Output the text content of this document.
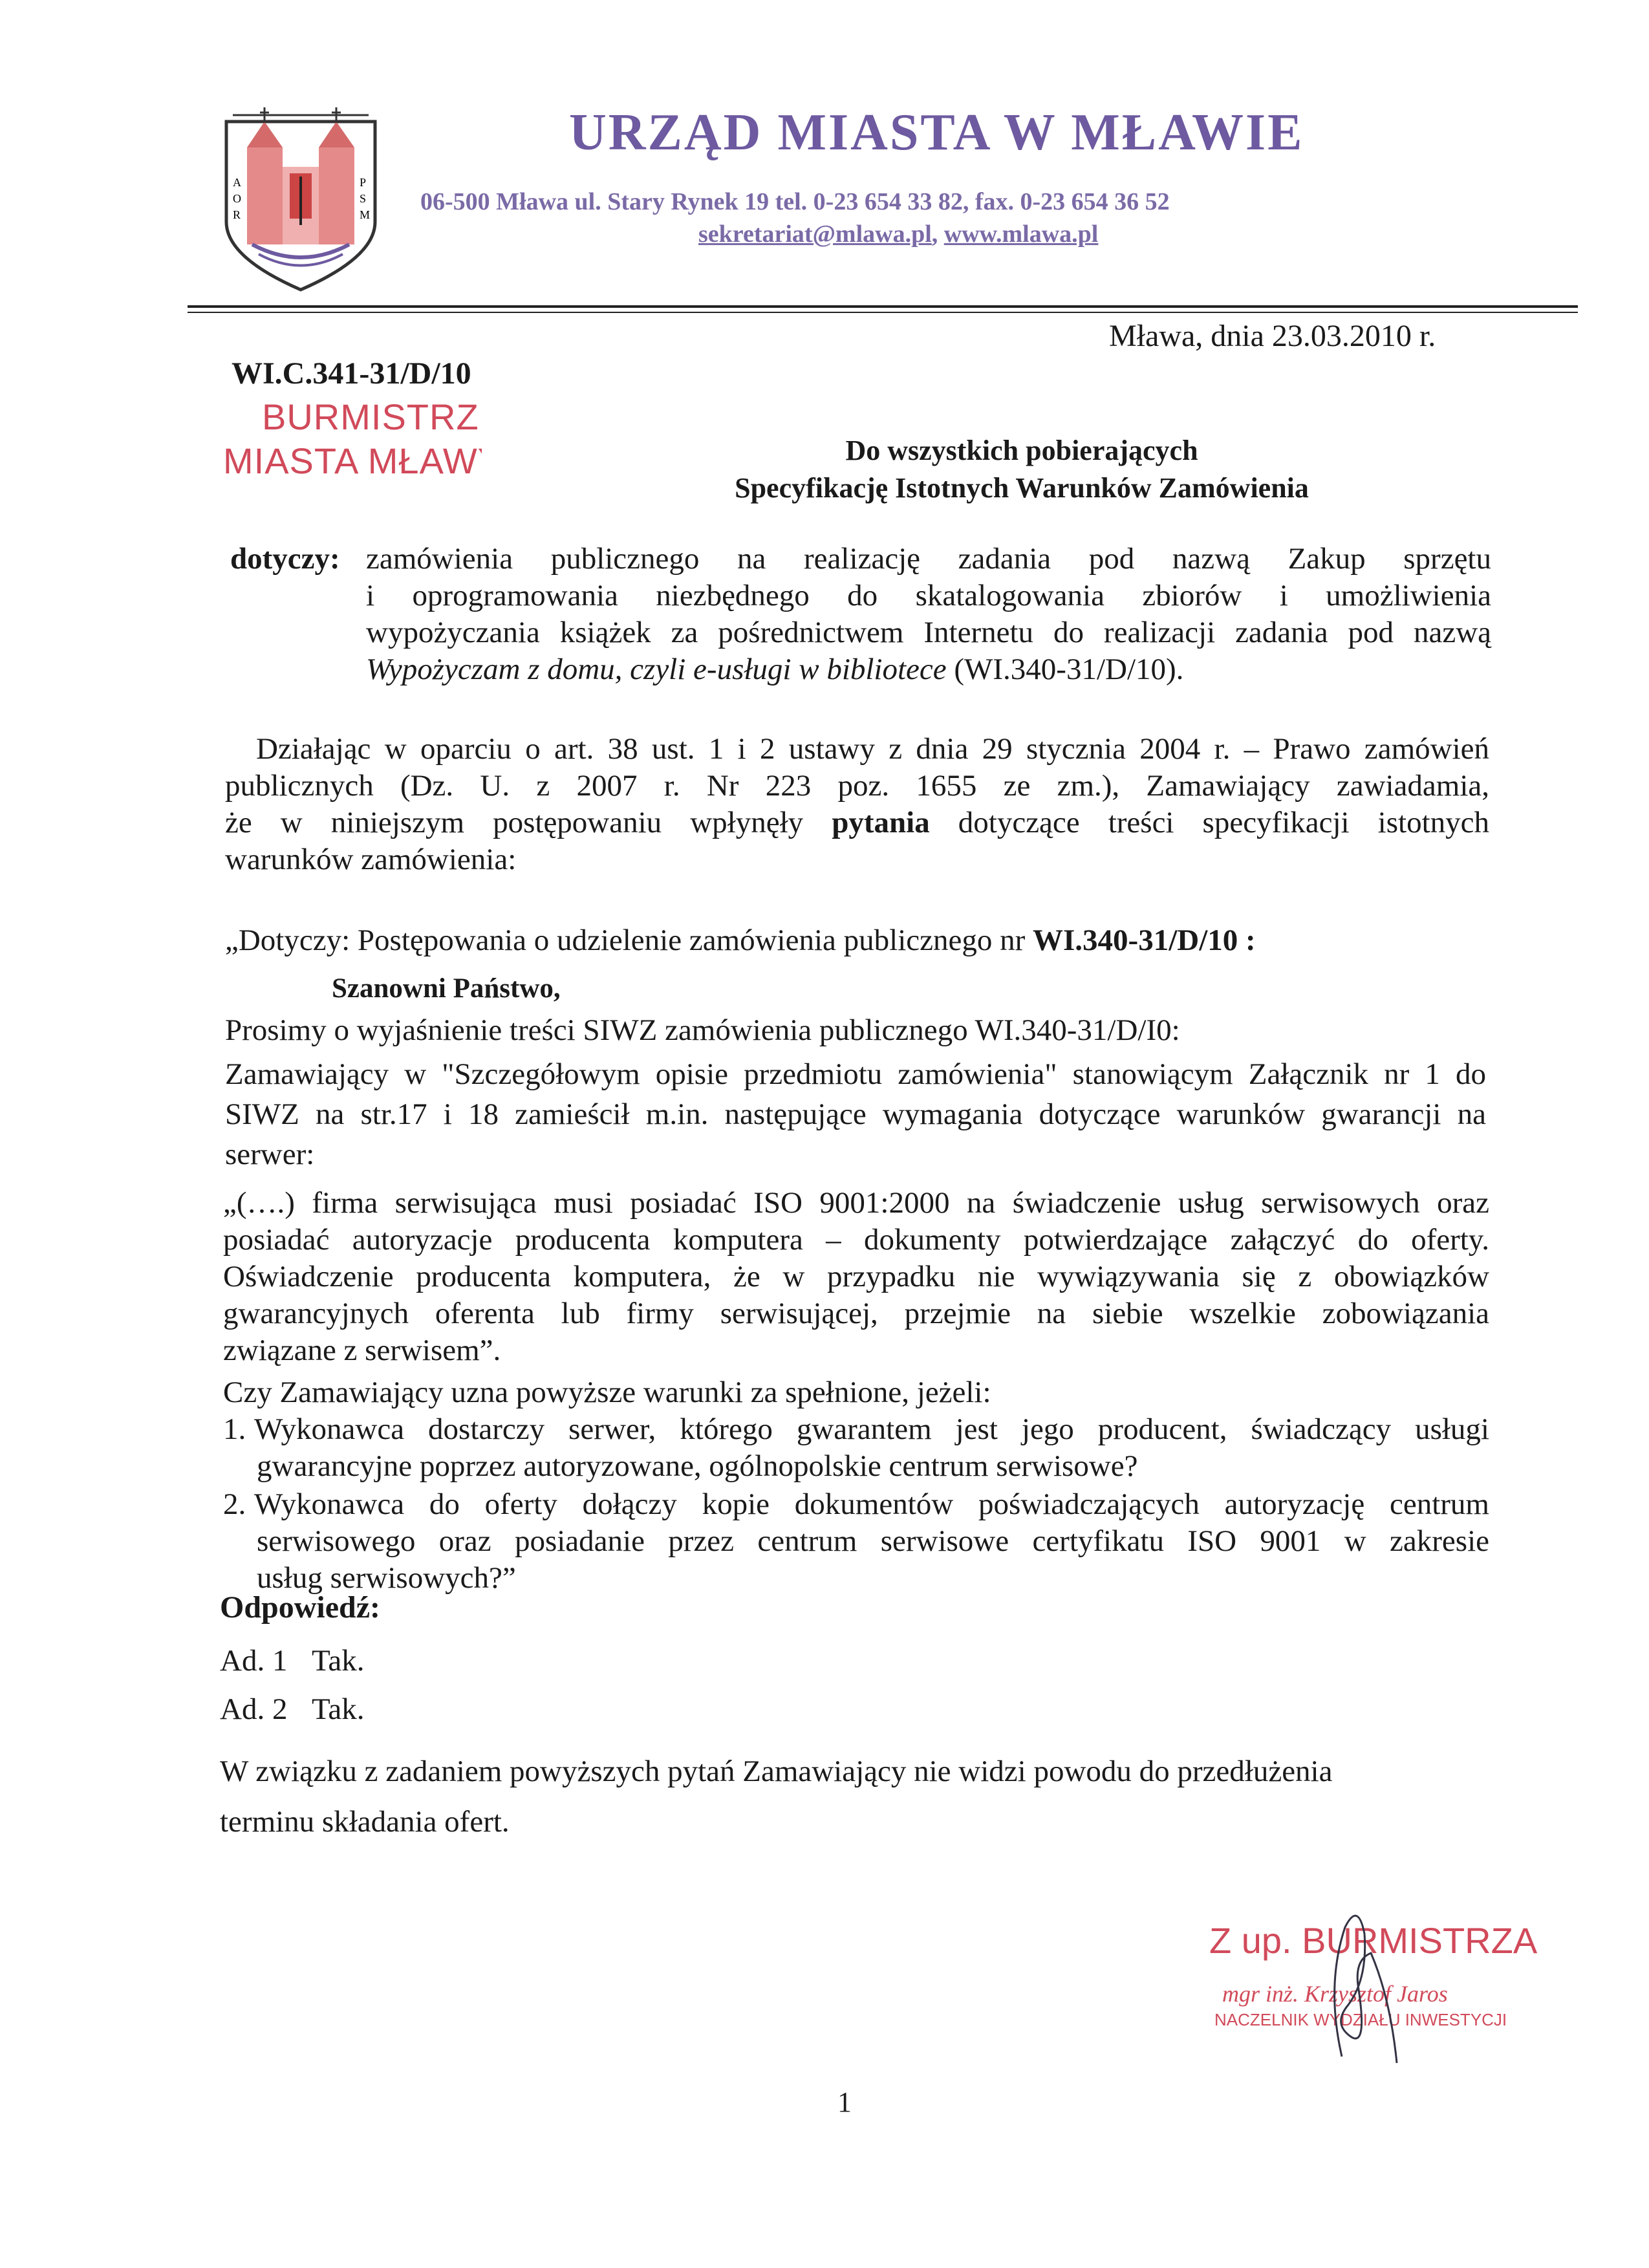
A
O
R
P
S
M
URZĄD MIASTA W MŁAWIE
06-500 Mława ul. Stary Rynek 19 tel. 0-23 654 33 82, fax. 0-23 654 36 52
sekretariat@mlawa.pl, www.mlawa.pl
Mława, dnia 23.03.2010 r.
WI.C.341-31/D/10
BURMISTRZ
MIASTA MŁAWY	Do wszystkich pobierających
Specyfikację Istotnych Warunków Zamówienia
dotyczy: zamówienia publicznego na realizację zadania pod nazwą Zakup sprzętu
i oprogramowania niezbędnego do skatalogowania zbiorów i umożliwienia
wypożyczania książek za pośrednictwem Internetu do realizacji zadania pod nazwą
Wypożyczam z domu, czyli e-usługi w bibliotece (WI.340-31/D/10).
Działając w oparciu o art. 38 ust. 1 i 2 ustawy z dnia 29 stycznia 2004 r. – Prawo zamówień
publicznych (Dz. U. z 2007 r. Nr 223 poz. 1655 ze zm.), Zamawiający zawiadamia,
że w niniejszym postępowaniu wpłynęły pytania dotyczące treści specyfikacji istotnych
warunków zamówienia:
„Dotyczy: Postępowania o udzielenie zamówienia publicznego nr WI.340-31/D/10 :
Szanowni Państwo,
Prosimy o wyjaśnienie treści SIWZ zamówienia publicznego WI.340-31/D/I0:
Zamawiający w "Szczegółowym opisie przedmiotu zamówienia" stanowiącym Załącznik nr 1 do
SIWZ na str.17 i 18 zamieścił m.in. następujące wymagania dotyczące warunków gwarancji na
serwer:
„(….) firma serwisująca musi posiadać ISO 9001:2000 na świadczenie usług serwisowych oraz
posiadać autoryzacje producenta komputera – dokumenty potwierdzające załączyć do oferty.
Oświadczenie producenta komputera, że w przypadku nie wywiązywania się z obowiązków
gwarancyjnych oferenta lub firmy serwisującej, przejmie na siebie wszelkie zobowiązania
związane z serwisem”.
Czy Zamawiający uzna powyższe warunki za spełnione, jeżeli:
1. Wykonawca dostarczy serwer, którego gwarantem jest jego producent, świadczący usługi
gwarancyjne poprzez autoryzowane, ogólnopolskie centrum serwisowe?
2. Wykonawca do oferty dołączy kopie dokumentów poświadczających autoryzację centrum
serwisowego oraz posiadanie przez centrum serwisowe certyfikatu ISO 9001 w zakresie
usług serwisowych?”
Odpowiedź:
Ad. 1 Tak.
Ad. 2 Tak.
W związku z zadaniem powyższych pytań Zamawiający nie widzi powodu do przedłużenia
terminu składania ofert.
Z up. BURMISTRZA
mgr inż. Krzysztof Jaros
NACZELNIK WYDZIAŁU INWESTYCJI
1
